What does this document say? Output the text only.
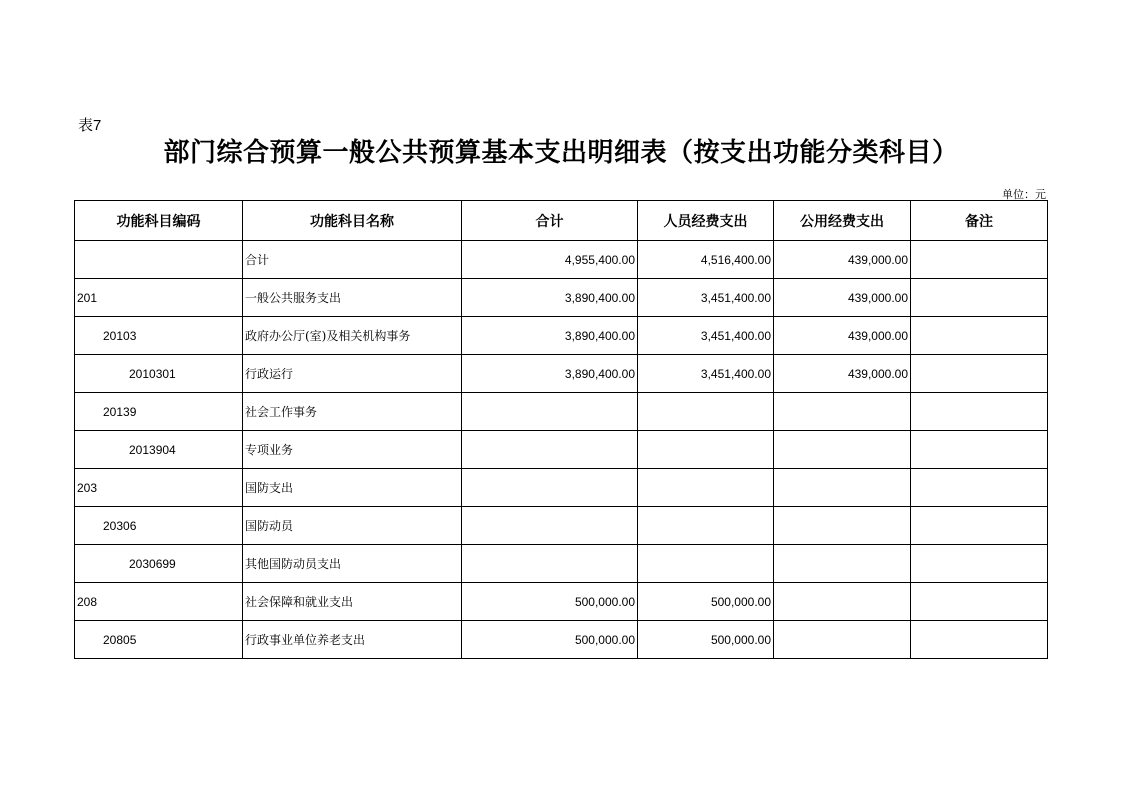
表7
部门综合预算一般公共预算基本支出明细表（按支出功能分类科目）
单位：元
功能科目编码	功能科目名称	合计	人员经费支出	公用经费支出	备注
	合计	4,955,400.00	4,516,400.00	439,000.00	
201	一般公共服务支出	3,890,400.00	3,451,400.00	439,000.00	
20103	政府办公厅(室)及相关机构事务	3,890,400.00	3,451,400.00	439,000.00	
2010301	行政运行	3,890,400.00	3,451,400.00	439,000.00	
20139	社会工作事务				
2013904	专项业务				
203	国防支出				
20306	国防动员				
2030699	其他国防动员支出				
208	社会保障和就业支出	500,000.00	500,000.00		
20805	行政事业单位养老支出	500,000.00	500,000.00		
